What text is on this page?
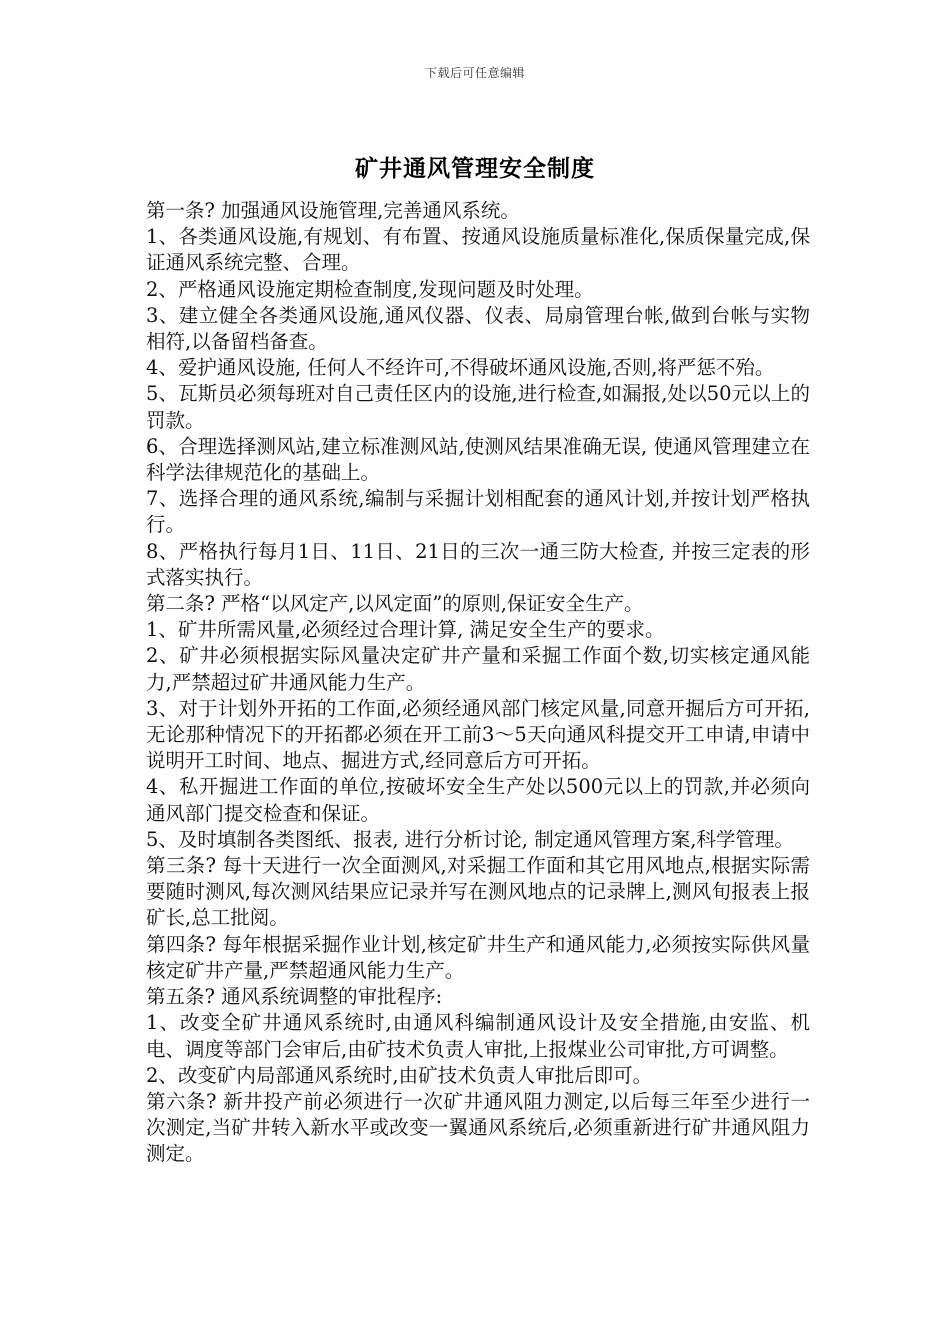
下载后可任意编辑
矿井通风管理安全制度

第一条? 加强通风设施管理,完善通风系统。

1、各类通风设施,有规划、有布置、按通风设施质量标准化,保质保量完成,保证通风系统完整、合理。

2、严格通风设施定期检查制度,发现问题及时处理。

3、建立健全各类通风设施,通风仪器、仪表、局扇管理台帐,做到台帐与实物相符,以备留档备查。

4、爱护通风设施, 任何人不经许可,不得破坏通风设施,否则,将严惩不殆。

5、瓦斯员必须每班对自己责任区内的设施,进行检查,如漏报,处以50元以上的罚款。

6、合理选择测风站,建立标准测风站,使测风结果准确无误, 使通风管理建立在科学法律规范化的基础上。

7、选择合理的通风系统,编制与采掘计划相配套的通风计划,并按计划严格执行。

8、严格执行每月1日、11日、21日的三次一通三防大检查, 并按三定表的形式落实执行。

第二条? 严格“以风定产,以风定面”的原则,保证安全生产。

1、矿井所需风量,必须经过合理计算, 满足安全生产的要求。

2、矿井必须根据实际风量决定矿井产量和采掘工作面个数,切实核定通风能力,严禁超过矿井通风能力生产。

3、对于计划外开拓的工作面,必须经通风部门核定风量,同意开掘后方可开拓,无论那种情况下的开拓都必须在开工前3～5天向通风科提交开工申请,申请中说明开工时间、地点、掘进方式,经同意后方可开拓。

4、私开掘进工作面的单位,按破坏安全生产处以500元以上的罚款,并必须向通风部门提交检查和保证。

5、及时填制各类图纸、报表, 进行分析讨论, 制定通风管理方案,科学管理。

第三条? 每十天进行一次全面测风,对采掘工作面和其它用风地点,根据实际需要随时测风,每次测风结果应记录并写在测风地点的记录牌上,测风旬报表上报矿长,总工批阅。

第四条? 每年根据采掘作业计划,核定矿井生产和通风能力,必须按实际供风量核定矿井产量,严禁超通风能力生产。

第五条? 通风系统调整的审批程序:

1、改变全矿井通风系统时,由通风科编制通风设计及安全措施,由安监、机电、调度等部门会审后,由矿技术负责人审批,上报煤业公司审批,方可调整。

2、改变矿内局部通风系统时,由矿技术负责人审批后即可。

第六条? 新井投产前必须进行一次矿井通风阻力测定,以后每三年至少进行一次测定,当矿井转入新水平或改变一翼通风系统后,必须重新进行矿井通风阻力测定。
